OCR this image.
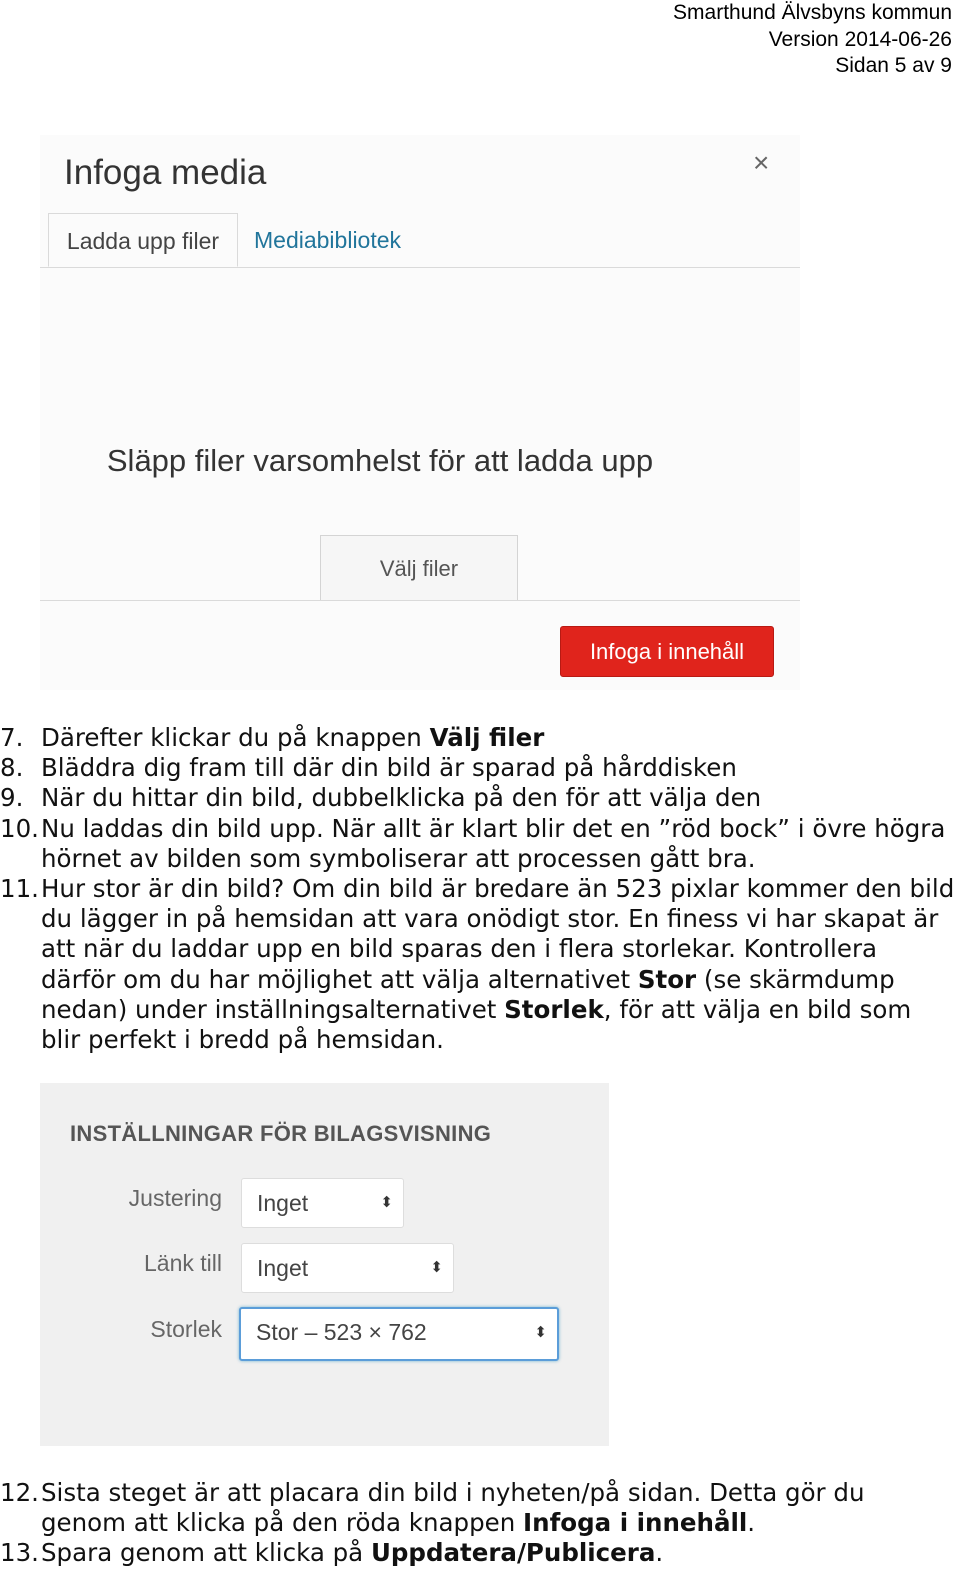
Smarthund Älvsbyns kommun
Version 2014-06-26
Sidan 5 av 9
Infoga media	×
Ladda upp filer	Mediabibliotek
Släpp filer varsomhelst för att ladda upp
Välj filer
Infoga i innehåll
7. Därefter klickar du på knappen Välj filer
8. Bläddra dig fram till där din bild är sparad på hårddisken
9. När du hittar din bild, dubbelklicka på den för att välja den
10. Nu laddas din bild upp. När allt är klart blir det en ”röd bock” i övre högra hörnet av bilden som symboliserar att processen gått bra.
11. Hur stor är din bild? Om din bild är bredare än 523 pixlar kommer den bild du lägger in på hemsidan att vara onödigt stor. En finess vi har skapat är att när du laddar upp en bild sparas den i flera storlekar. Kontrollera därför om du har möjlighet att välja alternativet Stor (se skärmdump nedan) under inställningsalternativet Storlek, för att välja en bild som blir perfekt i bredd på hemsidan.
INSTÄLLNINGAR FÖR BILAGSVISNING
Justering	Inget	⬍
Länk till	Inget	⬍
Storlek	Stor – 523 × 762	⬍
12. Sista steget är att placara din bild i nyheten/på sidan. Detta gör du genom att klicka på den röda knappen Infoga i innehåll.
13. Spara genom att klicka på Uppdatera/Publicera.
